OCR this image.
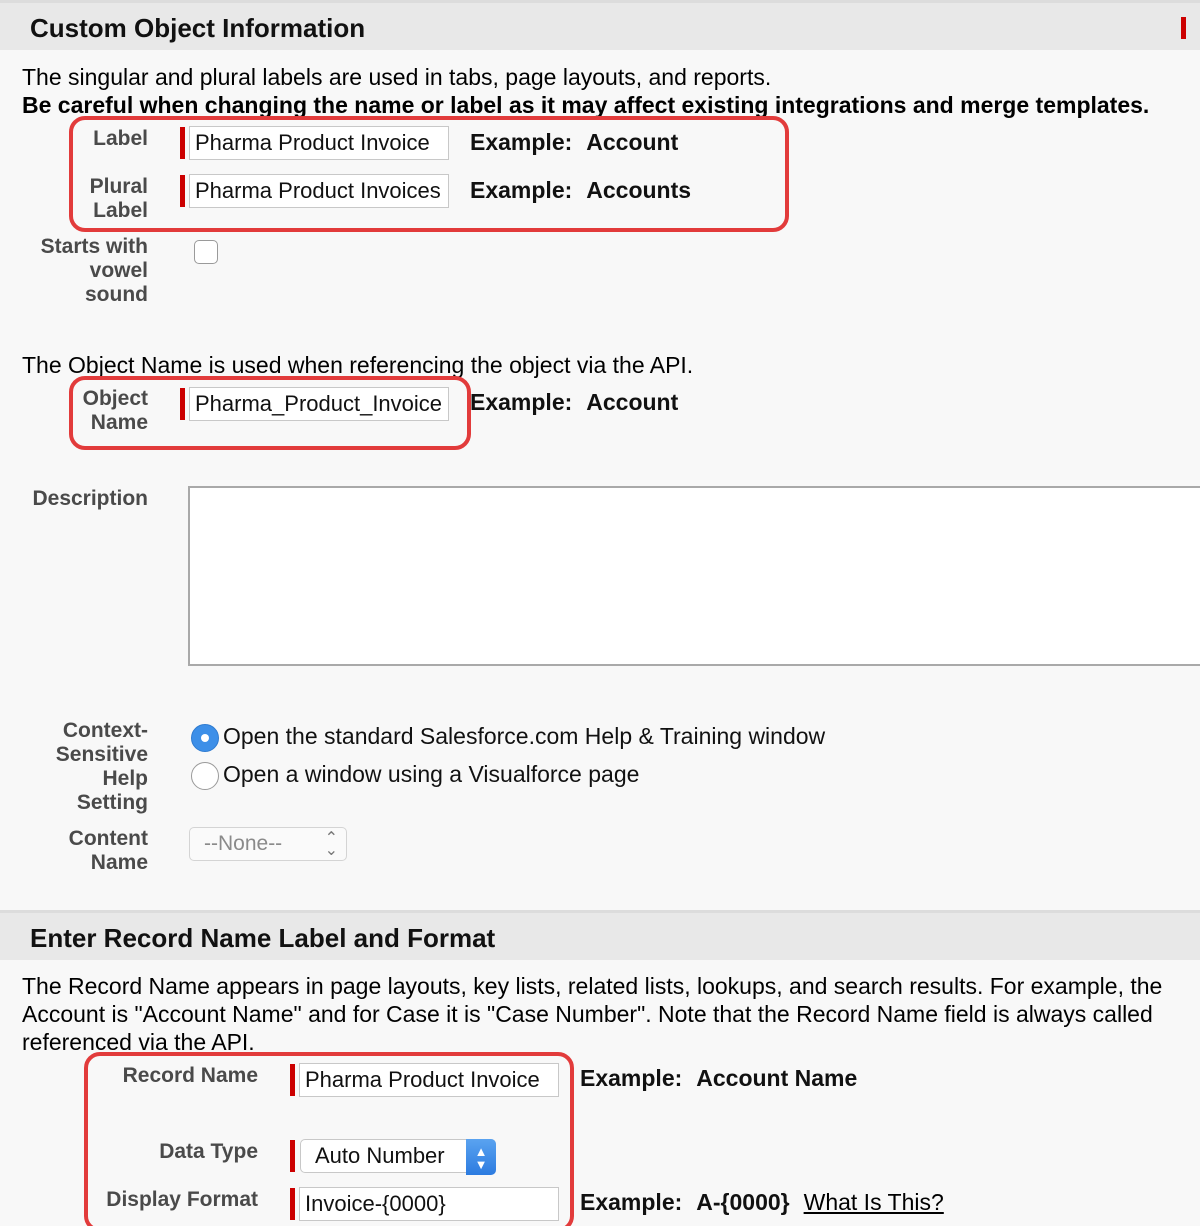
Custom Object Information
The singular and plural labels are used in tabs, page layouts, and reports.
Be careful when changing the name or label as it may affect existing integrations and merge templates.
Label Pharma Product Invoice	Example: Account
Plural
Label
Pharma Product Invoices	Example: Accounts
Starts with
vowel
sound
The Object Name is used when referencing the object via the API.
Object
Name
Pharma_Product_Invoice	Example: Account
Description
Context-
Sensitive
Help
Setting
Open the standard Salesforce.com Help & Training window
Open a window using a Visualforce page
Content
Name
--None--	⌃
⌄
Enter Record Name Label and Format
The Record Name appears in page layouts, key lists, related lists, lookups, and search results. For example, the
Account is "Account Name" and for Case it is "Case Number". Note that the Record Name field is always called
referenced via the API.
Record Name Pharma Product Invoice	Example: Account Name
Data Type	Auto Number	▲
▼
Display Format Invoice-{0000}	Example: A-{0000} What Is This?
